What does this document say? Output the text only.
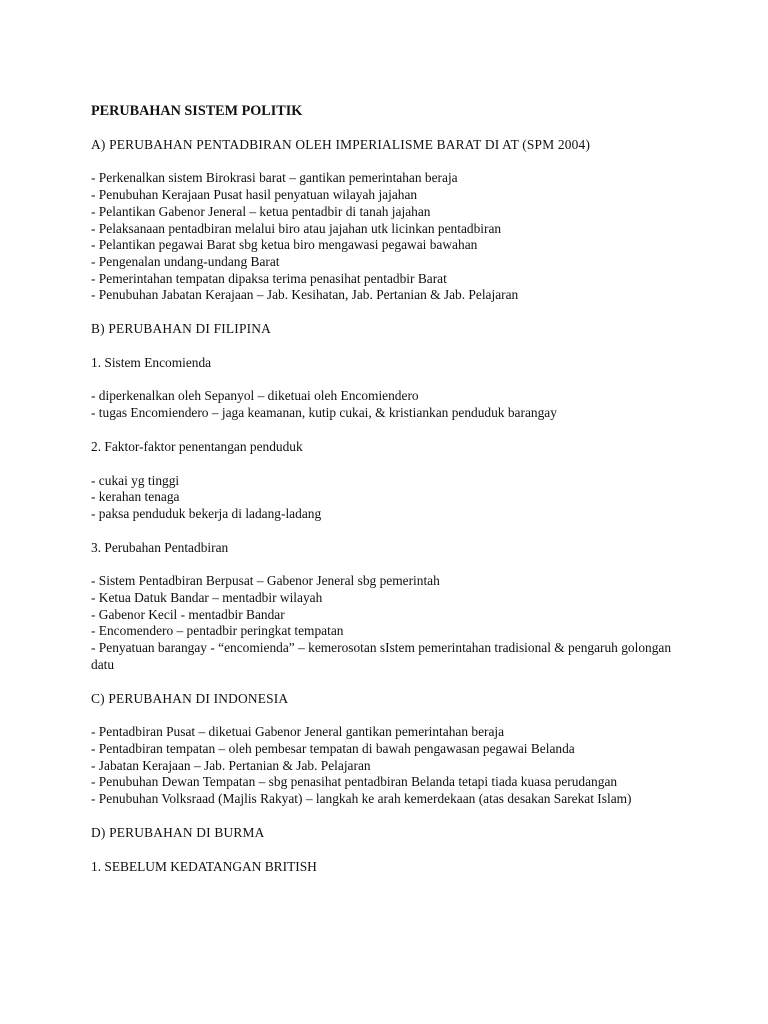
PERUBAHAN SISTEM POLITIK
A) PERUBAHAN PENTADBIRAN OLEH IMPERIALISME BARAT DI AT (SPM 2004)
- Perkenalkan sistem Birokrasi barat – gantikan pemerintahan beraja
- Penubuhan Kerajaan Pusat hasil penyatuan wilayah jajahan
- Pelantikan Gabenor Jeneral – ketua pentadbir di tanah jajahan
- Pelaksanaan pentadbiran melalui biro atau jajahan utk licinkan pentadbiran
- Pelantikan pegawai Barat sbg ketua biro mengawasi pegawai bawahan
- Pengenalan undang-undang Barat
- Pemerintahan tempatan dipaksa terima penasihat pentadbir Barat
- Penubuhan Jabatan Kerajaan – Jab. Kesihatan, Jab. Pertanian & Jab. Pelajaran
B) PERUBAHAN DI FILIPINA
1. Sistem Encomienda
- diperkenalkan oleh Sepanyol – diketuai oleh Encomiendero
- tugas Encomiendero – jaga keamanan, kutip cukai, & kristiankan penduduk barangay
2. Faktor-faktor penentangan penduduk
- cukai yg tinggi
- kerahan tenaga
- paksa penduduk bekerja di ladang-ladang
3. Perubahan Pentadbiran
- Sistem Pentadbiran Berpusat – Gabenor Jeneral sbg pemerintah
- Ketua Datuk Bandar – mentadbir wilayah
- Gabenor Kecil - mentadbir Bandar
- Encomendero – pentadbir peringkat tempatan
- Penyatuan barangay - “encomienda” – kemerosotan sIstem pemerintahan tradisional & pengaruh golongan datu
C) PERUBAHAN DI INDONESIA
- Pentadbiran Pusat – diketuai Gabenor Jeneral gantikan pemerintahan beraja
- Pentadbiran tempatan – oleh pembesar tempatan di bawah pengawasan pegawai Belanda
- Jabatan Kerajaan – Jab. Pertanian & Jab. Pelajaran
- Penubuhan Dewan Tempatan – sbg penasihat pentadbiran Belanda tetapi tiada kuasa perudangan
- Penubuhan Volksraad (Majlis Rakyat) – langkah ke arah kemerdekaan (atas desakan Sarekat Islam)
D) PERUBAHAN DI BURMA
1. SEBELUM KEDATANGAN BRITISH
